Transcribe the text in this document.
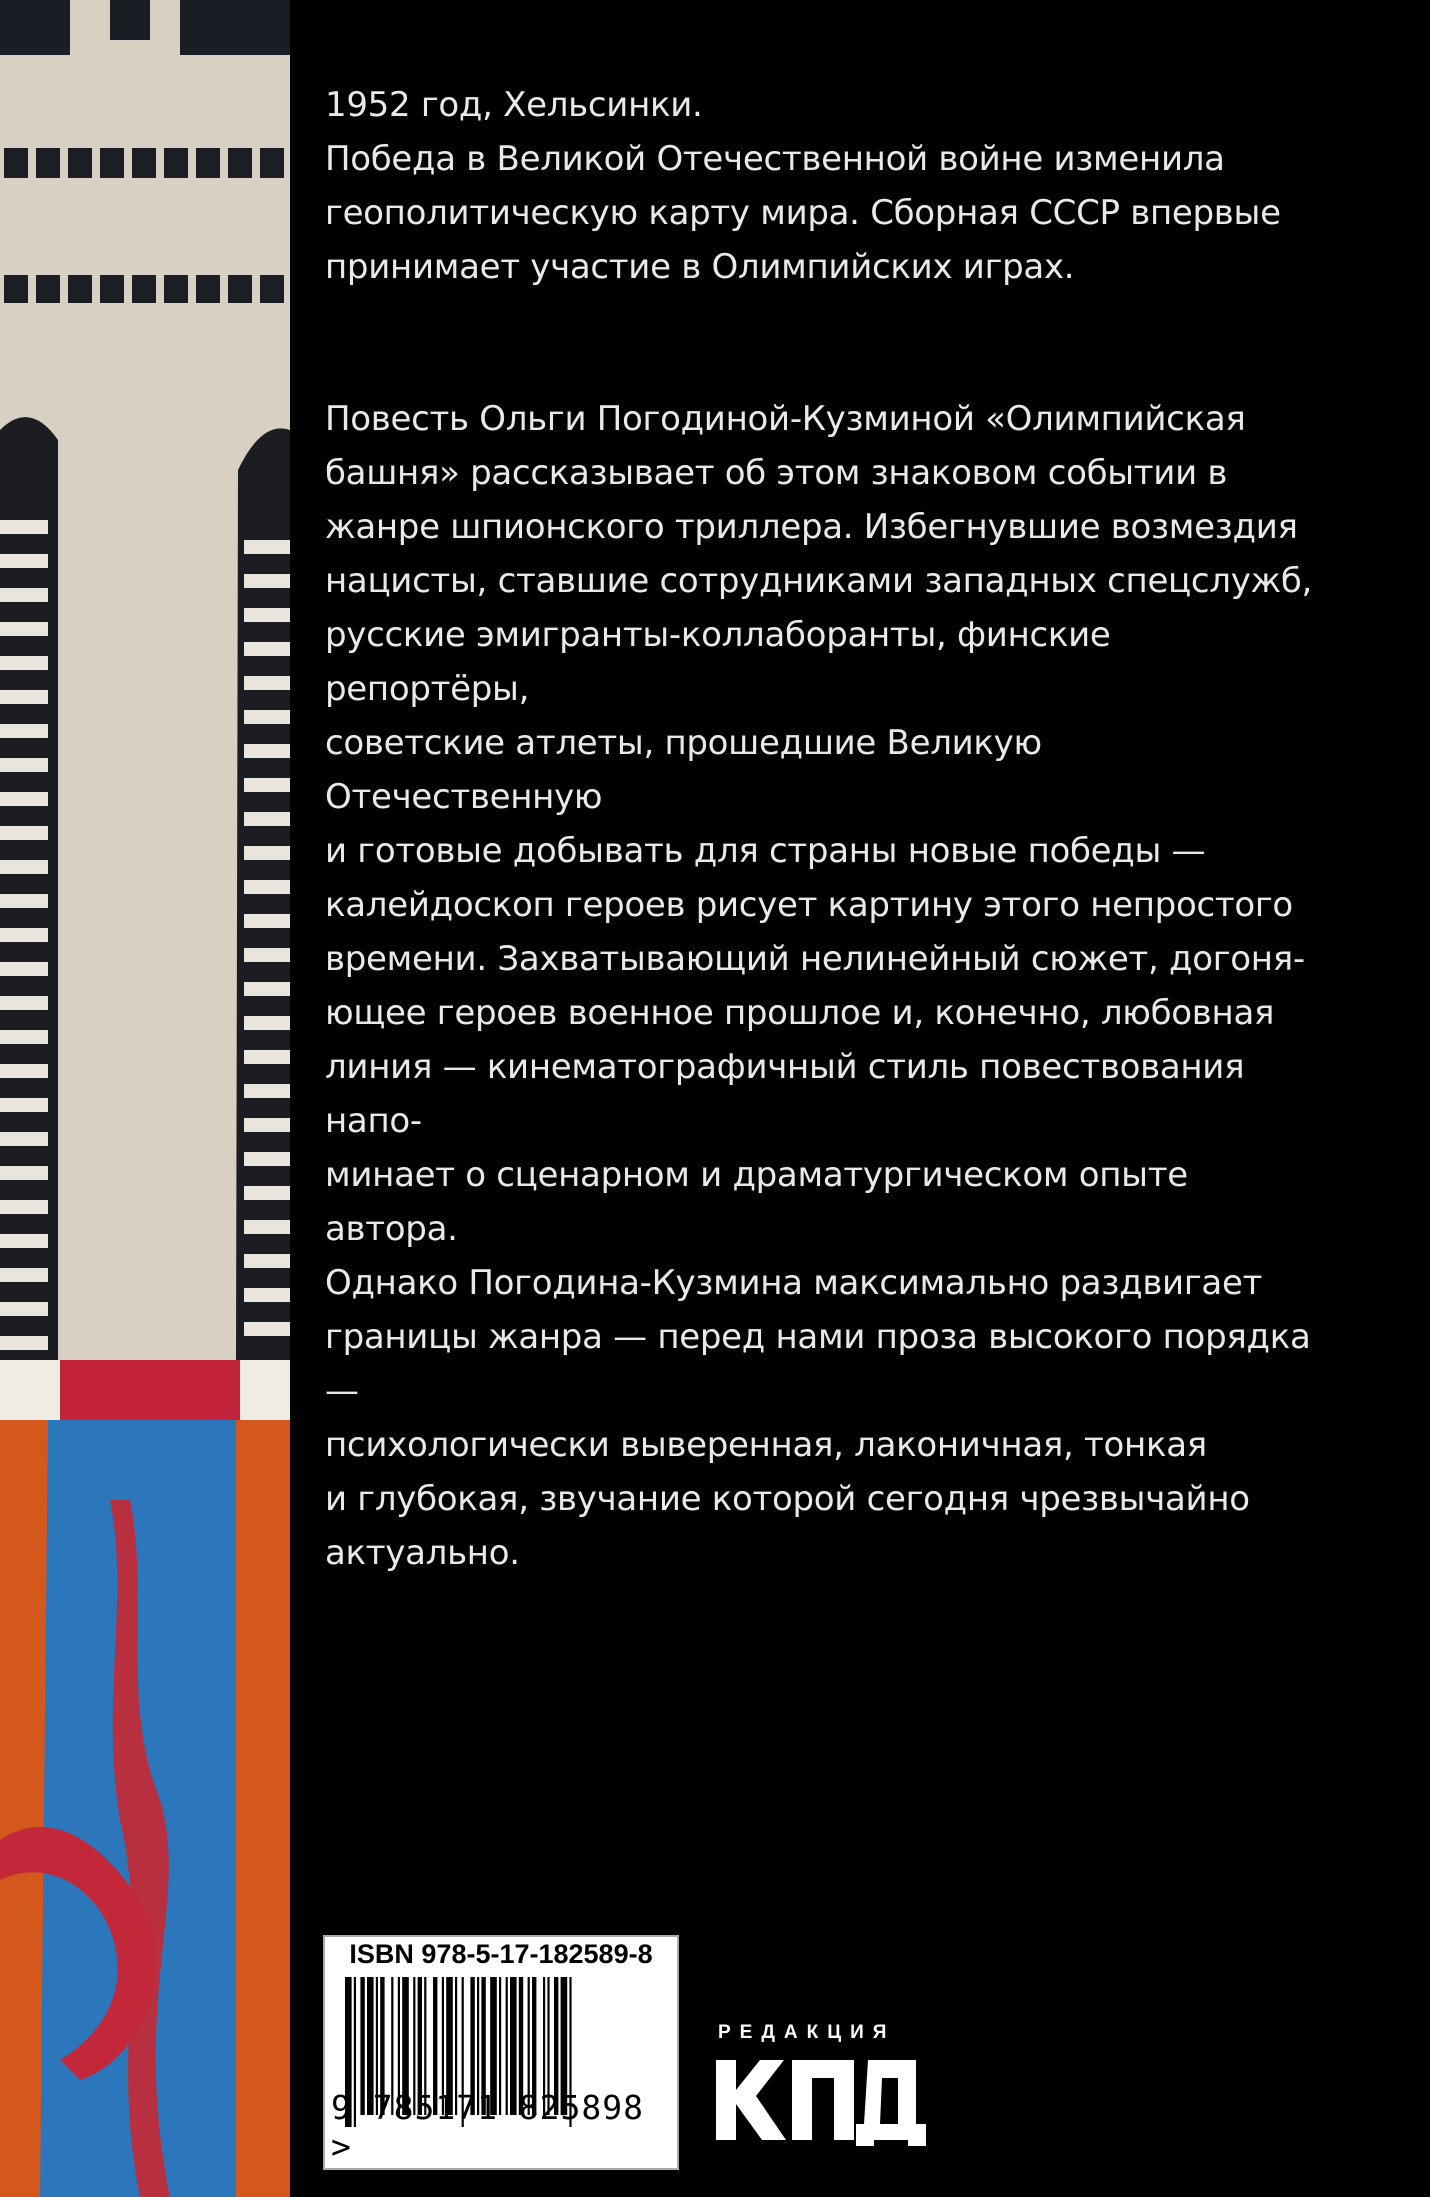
1952 год, Хельсинки.

Победа в Великой Отечественной войне изменила

геополитическую карту мира. Сборная СССР впервые

принимает участие в Олимпийских играх.

Повесть Ольги Погодиной-Кузминой «Олимпийская

башня» рассказывает об этом знаковом событии в

жанре шпионского триллера. Избегнувшие возмездия

нацисты, ставшие сотрудниками западных спецслужб,

русские эмигранты-коллаборанты, финские репортёры,

советские атлеты, прошедшие Великую Отечественную

и готовые добывать для страны новые победы —

калейдоскоп героев рисует картину этого непростого

времени. Захватывающий нелинейный сюжет, догоня-

ющее героев военное прошлое и, конечно, любовная

линия — кинематографичный стиль повествования напо-

минает о сценарном и драматургическом опыте автора.

Однако Погодина-Кузмина максимально раздвигает

границы жанра — перед нами проза высокого порядка —

психологически выверенная, лаконичная, тонкая

и глубокая, звучание которой сегодня чрезвычайно

актуально.

ISBN 978-5-17-182589-8
9 785171 825898 >
РЕДАКЦИЯ
